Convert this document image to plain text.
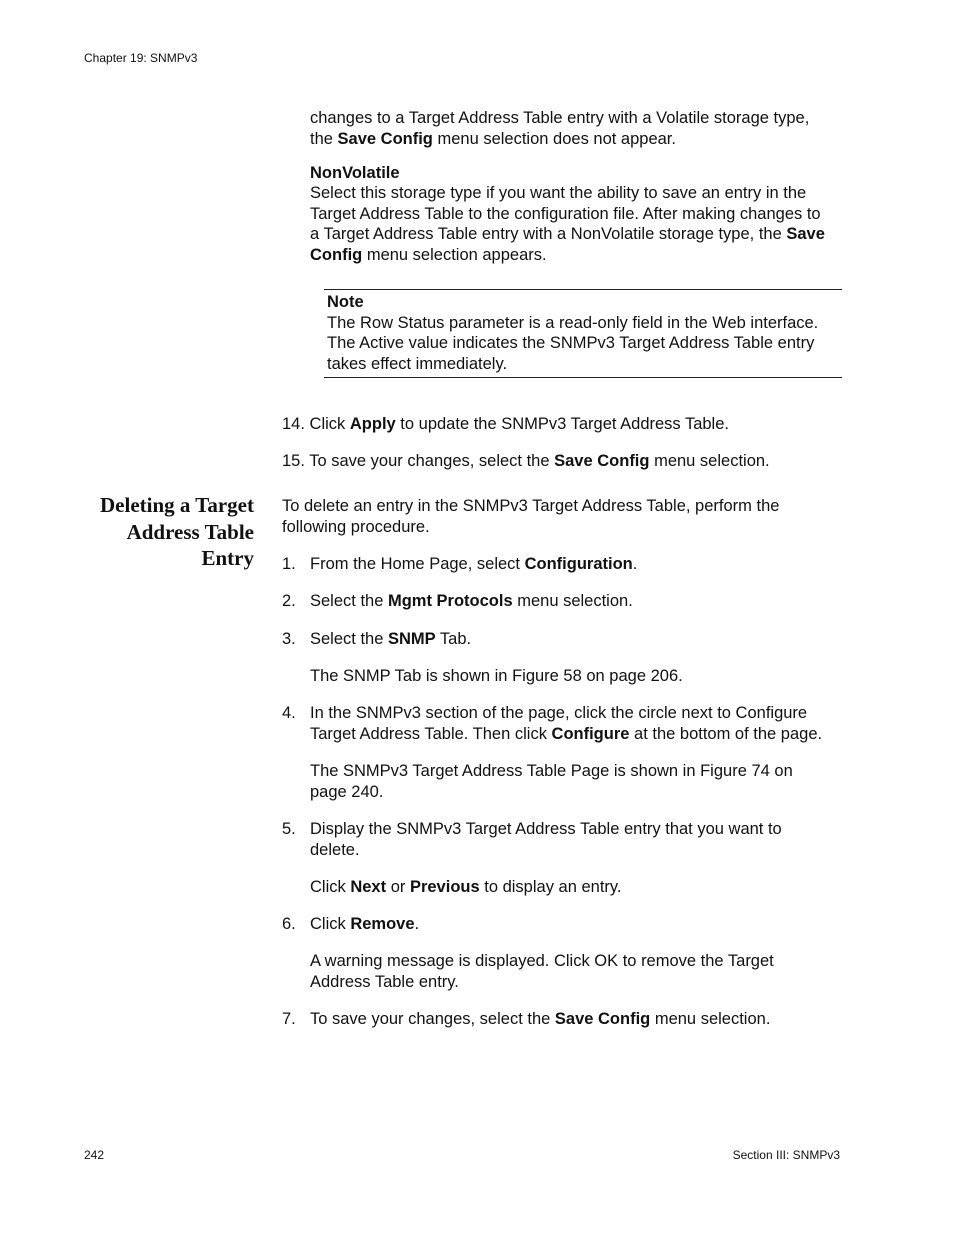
Chapter 19: SNMPv3
242	Section III: SNMPv3
changes to a Target Address Table entry with a Volatile storage type,
the Save Config menu selection does not appear.
NonVolatile
Select this storage type if you want the ability to save an entry in the
Target Address Table to the configuration file. After making changes to
a Target Address Table entry with a NonVolatile storage type, the Save
Config menu selection appears.
Note
The Row Status parameter is a read-only field in the Web interface.
The Active value indicates the SNMPv3 Target Address Table entry
takes effect immediately.
14. Click Apply to update the SNMPv3 Target Address Table.
15. To save your changes, select the Save Config menu selection.
Deleting a Target
Address Table
Entry
To delete an entry in the SNMPv3 Target Address Table, perform the
following procedure.
1. From the Home Page, select Configuration.
2. Select the Mgmt Protocols menu selection.
3. Select the SNMP Tab.
The SNMP Tab is shown in Figure 58 on page 206.
4. In the SNMPv3 section of the page, click the circle next to Configure
Target Address Table. Then click Configure at the bottom of the page.
The SNMPv3 Target Address Table Page is shown in Figure 74 on
page 240.
5. Display the SNMPv3 Target Address Table entry that you want to
delete.
Click Next or Previous to display an entry.
6. Click Remove.
A warning message is displayed. Click OK to remove the Target
Address Table entry.
7. To save your changes, select the Save Config menu selection.
